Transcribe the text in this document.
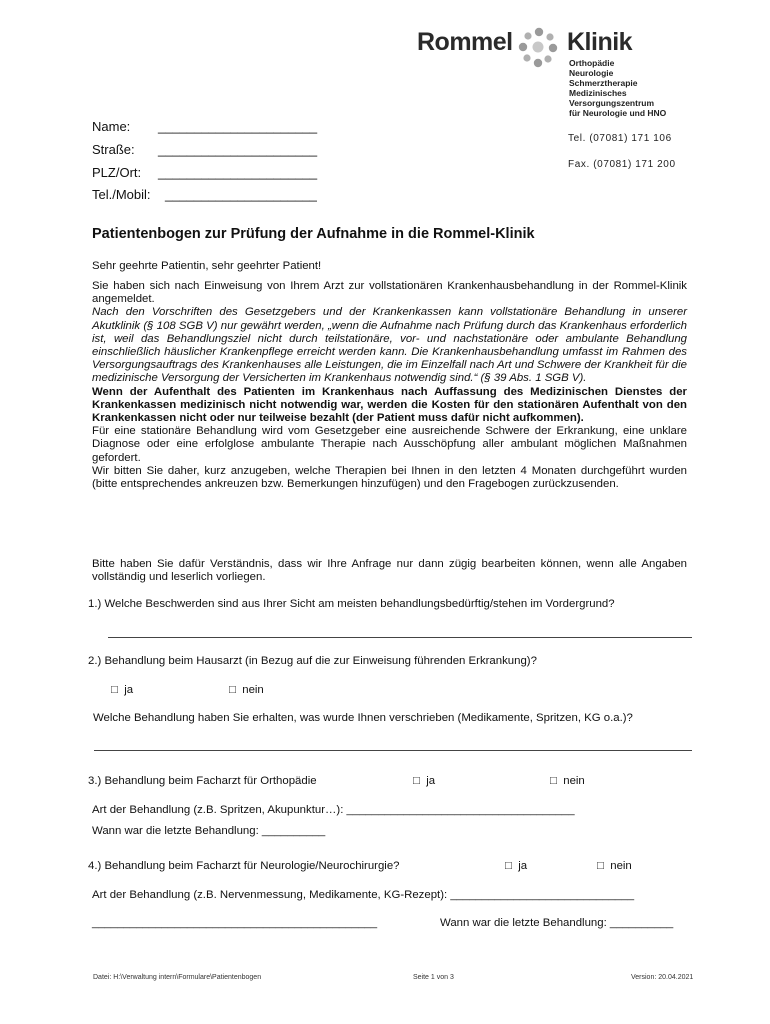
Rommel Klinik
Orthopädie
Neurologie
Schmerztherapie
Medizinisches
Versorgungszentrum
für Neurologie und HNO
Tel. (07081) 171 106
Fax. (07081) 171 200
Name:	______________________
Straße:	______________________
PLZ/Ort:	______________________
Tel./Mobil:	_____________________
Patientenbogen zur Prüfung der Aufnahme in die Rommel-Klinik
Sehr geehrte Patientin, sehr geehrter Patient!

Sie haben sich nach Einweisung von Ihrem Arzt zur vollstationären Krankenhausbehandlung in der Rommel-Klinik angemeldet.

Nach den Vorschriften des Gesetzgebers und der Krankenkassen kann vollstationäre Behandlung in unserer Akutklinik (§ 108 SGB V) nur gewährt werden, „wenn die Aufnahme nach Prüfung durch das Krankenhaus erforderlich ist, weil das Behandlungsziel nicht durch teilstationäre, vor- und nachstationäre oder ambulante Behandlung einschließlich häuslicher Krankenpflege erreicht werden kann. Die Krankenhausbehandlung umfasst im Rahmen des Versorgungsauftrags des Krankenhauses alle Leistungen, die im Einzelfall nach Art und Schwere der Krankheit für die medizinische Versorgung der Versicherten im Krankenhaus notwendig sind.“ (§ 39 Abs. 1 SGB V).

Wenn der Aufenthalt des Patienten im Krankenhaus nach Auffassung des Medizinischen Dienstes der Krankenkassen medizinisch nicht notwendig war, werden die Kosten für den stationären Aufenthalt von den Krankenkassen nicht oder nur teilweise bezahlt (der Patient muss dafür nicht aufkommen).

Für eine stationäre Behandlung wird vom Gesetzgeber eine ausreichende Schwere der Erkrankung, eine unklare Diagnose oder eine erfolglose ambulante Therapie nach Ausschöpfung aller ambulant möglichen Maßnahmen gefordert.

Wir bitten Sie daher, kurz anzugeben, welche Therapien bei Ihnen in den letzten 4 Monaten durchgeführt wurden (bitte entsprechendes ankreuzen bzw. Bemerkungen hinzufügen) und den Fragebogen zurückzusenden.

Bitte haben Sie dafür Verständnis, dass wir Ihre Anfrage nur dann zügig bearbeiten können, wenn alle Angaben vollständig und leserlich vorliegen.
1.) Welche Beschwerden sind aus Ihrer Sicht am meisten behandlungsbedürftig/stehen im Vordergrund?
2.) Behandlung beim Hausarzt (in Bezug auf die zur Einweisung führenden Erkrankung)?
□ ja	□ nein
Welche Behandlung haben Sie erhalten, was wurde Ihnen verschrieben (Medikamente, Spritzen, KG o.a.)?
3.) Behandlung beim Facharzt für Orthopädie	□ ja	□ nein
Art der Behandlung (z.B. Spritzen, Akupunktur…): ____________________________________
Wann war die letzte Behandlung: __________
4.) Behandlung beim Facharzt für Neurologie/Neurochirurgie?	□ ja	□ nein
Art der Behandlung (z.B. Nervenmessung, Medikamente, KG-Rezept): _____________________________
_____________________________________________	Wann war die letzte Behandlung: __________
Datei: H:\Verwaltung intern\Formulare\Patientenbogen	Seite 1 von 3	Version: 20.04.2021
